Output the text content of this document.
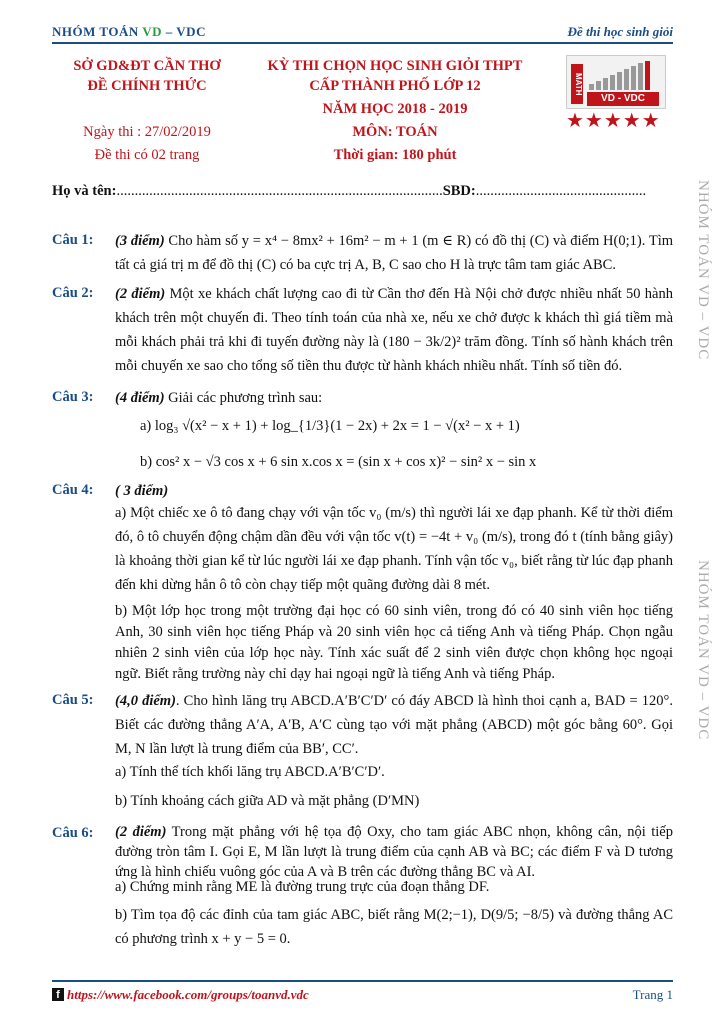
NHÓM TOÁN VD – VDC	Đề thi học sinh giỏi
SỞ GD&ĐT CẦN THƠ
ĐỀ CHÍNH THỨC
Ngày thi : 27/02/2019
Đề thi có 02 trang
KỲ THI CHỌN HỌC SINH GIỎI THPT
CẤP THÀNH PHỐ LỚP 12
NĂM HỌC 2018 - 2019
MÔN: TOÁN
Thời gian: 180 phút
MATH
VD - VDC
★★★★★
Họ và tên:..........................................................................................SBD:...............................................
Câu 1: (3 điểm) Cho hàm số y = x⁴ − 8mx² + 16m² − m + 1 (m ∈ R) có đồ thị (C) và điểm H(0;1). Tìm tất cả giá trị m để đồ thị (C) có ba cực trị A, B, C sao cho H là trực tâm tam giác ABC.
Câu 2: (2 điểm) Một xe khách chất lượng cao đi từ Cần thơ đến Hà Nội chở được nhiều nhất 50 hành khách trên một chuyến đi. Theo tính toán của nhà xe, nếu xe chở được k khách thì giá tiềm mà mỗi khách phải trả khi đi tuyến đường này là (180 − 3k/2)² trăm đồng. Tính số hành khách trên mỗi chuyến xe sao cho tổng số tiền thu được từ hành khách nhiều nhất. Tính số tiền đó.
Câu 3: (4 điểm) Giải các phương trình sau:
a) log₃ √(x² − x + 1) + log_{1/3}(1 − 2x) + 2x = 1 − √(x² − x + 1)
b) cos² x − √3 cos x + 6 sin x.cos x = (sin x + cos x)² − sin² x − sin x
Câu 4: ( 3 điểm)
a) Một chiếc xe ô tô đang chạy với vận tốc v₀ (m/s) thì người lái xe đạp phanh. Kể từ thời điểm đó, ô tô chuyển động chậm dần đều với vận tốc v(t) = −4t + v₀ (m/s), trong đó t (tính bằng giây) là khoảng thời gian kể từ lúc người lái xe đạp phanh. Tính vận tốc v₀, biết rằng từ lúc đạp phanh đến khi dừng hẳn ô tô còn chạy tiếp một quãng đường dài 8 mét.
b) Một lớp học trong một trường đại học có 60 sinh viên, trong đó có 40 sinh viên học tiếng Anh, 30 sinh viên học tiếng Pháp và 20 sinh viên học cả tiếng Anh và tiếng Pháp. Chọn ngẫu nhiên 2 sinh viên của lớp học này. Tính xác suất để 2 sinh viên được chọn không học ngoại ngữ. Biết rằng trường này chỉ dạy hai ngoại ngữ là tiếng Anh và tiếng Pháp.
Câu 5: (4,0 điểm). Cho hình lăng trụ ABCD.A′B′C′D′ có đáy ABCD là hình thoi cạnh a, BAD = 120°. Biết các đường thẳng A′A, A′B, A′C cùng tạo với mặt phẳng (ABCD) một góc bằng 60°. Gọi M, N lần lượt là trung điểm của BB′, CC′.
a) Tính thể tích khối lăng trụ ABCD.A′B′C′D′.
b) Tính khoảng cách giữa AD và mặt phẳng (D′MN)
Câu 6: (2 điểm) Trong mặt phẳng với hệ tọa độ Oxy, cho tam giác ABC nhọn, không cân, nội tiếp đường tròn tâm I. Gọi E, M lần lượt là trung điểm của cạnh AB và BC; các điểm F và D tương ứng là hình chiếu vuông góc của A và B trên các đường thẳng BC và AI.
a) Chứng minh rằng ME là đường trung trực của đoạn thẳng DF.
b) Tìm tọa độ các đỉnh của tam giác ABC, biết rằng M(2;−1), D(9/5; −8/5) và đường thẳng AC có phương trình x + y − 5 = 0.
NHÓM TOÁN VD – VDC
NHÓM TOÁN VD – VDC
f https://www.facebook.com/groups/toanvd.vdc	Trang 1
